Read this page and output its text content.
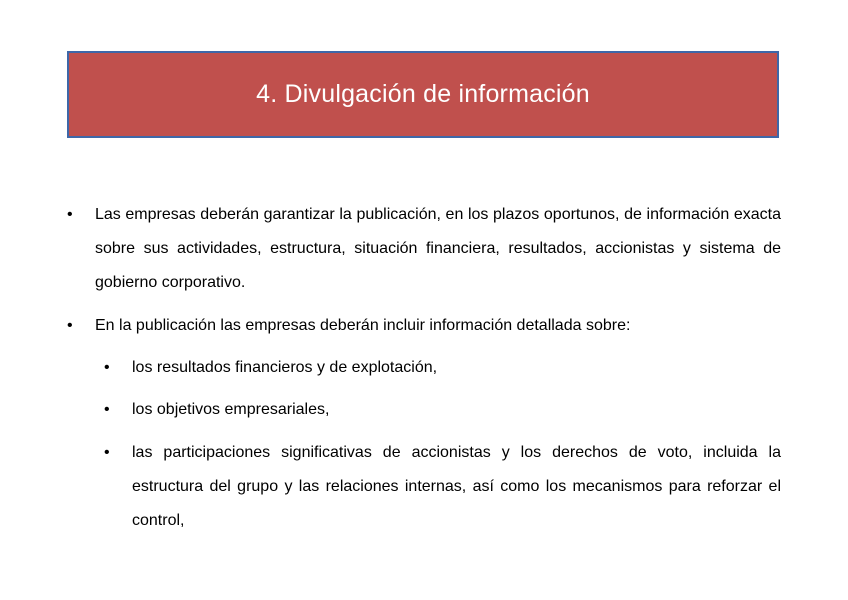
4. Divulgación de información
• Las empresas deberán garantizar la publicación, en los plazos oportunos, de información exacta sobre sus actividades, estructura, situación financiera, resultados, accionistas y sistema de gobierno corporativo.
• En la publicación las empresas deberán incluir información detallada sobre:
• los resultados financieros y de explotación,
• los objetivos empresariales,
• las participaciones significativas de accionistas y los derechos de voto, incluida la estructura del grupo y las relaciones internas, así como los mecanismos para reforzar el control,
